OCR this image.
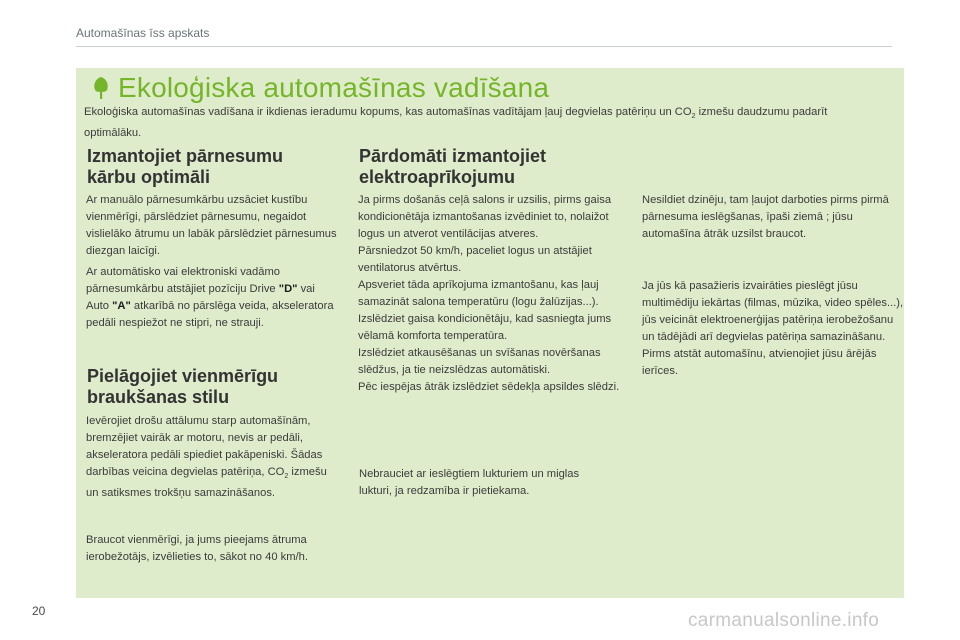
Automašīnas īss apskats
Ekoloģiska automašīnas vadīšana

Ekoloģiska automašīnas vadīšana ir ikdienas ieradumu kopums, kas automašīnas vadītājam ļauj degvielas patēriņu un $CO_2$ izmešu daudzumu padarīt optimālāku.

Izmantojiet pārnesumu
kārbu optimāli

Ar manuālo pārnesumkārbu uzsāciet kustību vienmērīgi, pārslēdziet pārnesumu, negaidot vislielāko ātrumu un labāk pārslēdziet pārnesumus diezgan laicīgi.

Ar automātisko vai elektroniski vadāmo pārnesumkārbu atstājiet pozīciju Drive "D" vai Auto "A" atkarībā no pārslēga veida, akseleratora pedāli nespiežot ne stipri, ne strauji.

Pielāgojiet vienmērīgu
braukšanas stilu

Ievērojiet drošu attālumu starp automašīnām, bremzējiet vairāk ar motoru, nevis ar pedāli, akseleratora pedāli spiediet pakāpeniski. Šādas darbības veicina degvielas patēriņa, $CO_2$ izmešu un satiksmes trokšņu samazināšanos.

Braucot vienmērīgi, ja jums pieejams ātruma ierobežotājs, izvēlieties to, sākot no 40 km/h.

Pārdomāti izmantojiet
elektroaprīkojumu
Ja pirms došanās ceļā salons ir uzsilis, pirms gaisa kondicionētāja izmantošanas izvēdiniet to, nolaižot logus un atverot ventilācijas atveres.
Pārsniedzot 50 km/h, paceliet logus un atstājiet ventilatorus atvērtus.
Apsveriet tāda aprīkojuma izmantošanu, kas ļauj samazināt salona temperatūru (logu žalūzijas...).
Izslēdziet gaisa kondicionētāju, kad sasniegta jums vēlamā komforta temperatūra.
Izslēdziet atkausēšanas un svīšanas novēršanas slēdžus, ja tie neizslēdzas automātiski.
Pēc iespējas ātrāk izslēdziet sēdekļa apsildes slēdzi.

Nebrauciet ar ieslēgtiem lukturiem un miglas lukturi, ja redzamība ir pietiekama.

Nesildiet dzinēju, tam ļaujot darboties pirms pirmā pārnesuma ieslēgšanas, īpaši ziemā ; jūsu automašīna ātrāk uzsilst braucot.

Ja jūs kā pasažieris izvairāties pieslēgt jūsu multimēdiju iekārtas (filmas, mūzika, video spēles...), jūs veicināt elektroenerģijas patēriņa ierobežošanu un tādējādi arī degvielas patēriņa samazināšanu.
Pirms atstāt automašīnu, atvienojiet jūsu ārējās ierīces.
20	carmanualsonline.info
